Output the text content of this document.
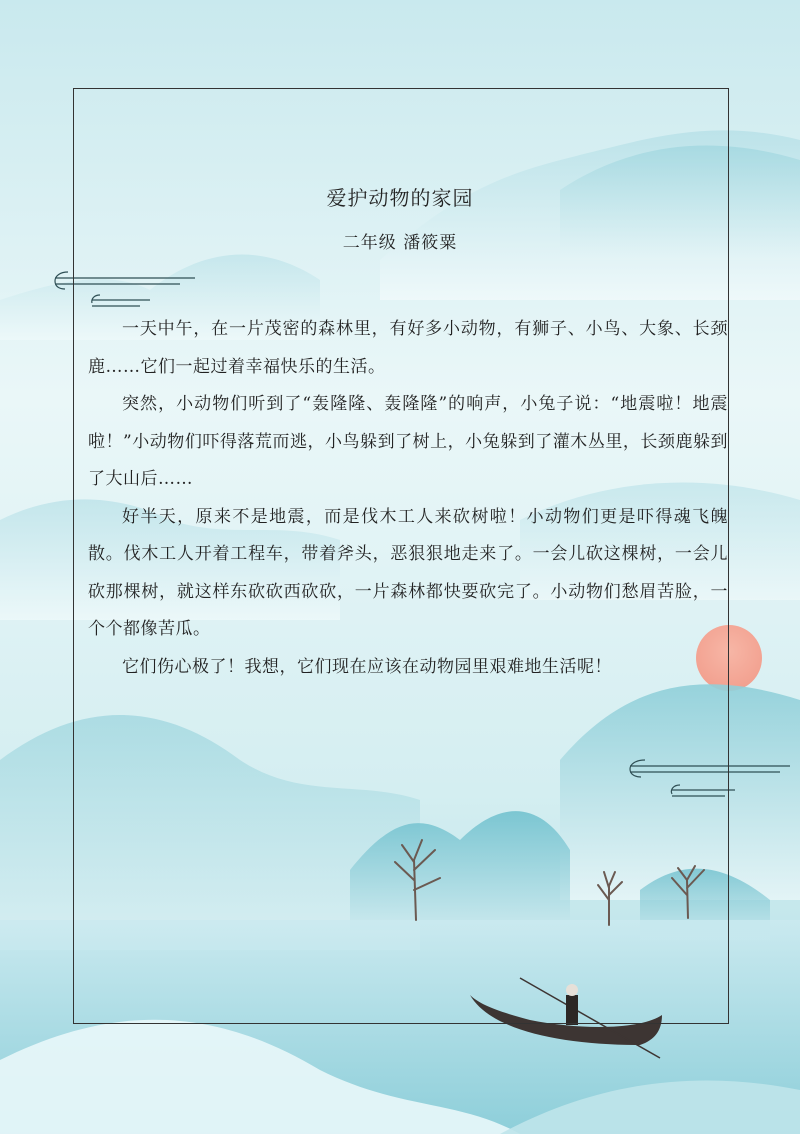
爱护动物的家园
二年级 潘筱粟

一天中午，在一片茂密的森林里，有好多小动物，有狮子、小鸟、大象、长颈鹿……它们一起过着幸福快乐的生活。

突然，小动物们听到了“轰隆隆、轰隆隆”的响声，小兔子说：“地震啦！地震啦！”小动物们吓得落荒而逃，小鸟躲到了树上，小兔躲到了灌木丛里，长颈鹿躲到了大山后……

好半天，原来不是地震，而是伐木工人来砍树啦！小动物们更是吓得魂飞魄散。伐木工人开着工程车，带着斧头，恶狠狠地走来了。一会儿砍这棵树，一会儿砍那棵树，就这样东砍砍西砍砍，一片森林都快要砍完了。小动物们愁眉苦脸，一个个都像苦瓜。

它们伤心极了！我想，它们现在应该在动物园里艰难地生活呢！
